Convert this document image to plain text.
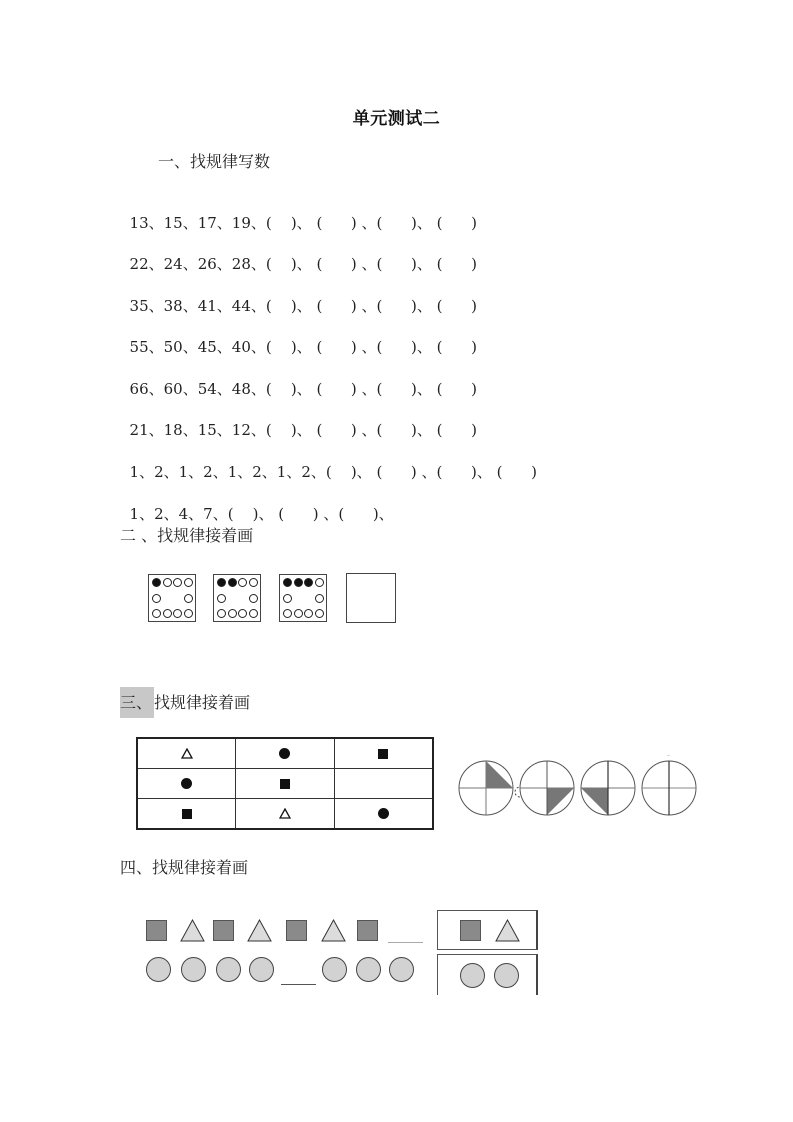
单元测试二
一、找规律写数

13、15、17、19、(    )、 (      ) 、(      )、 (      )

22、24、26、28、(    )、 (      ) 、(      )、 (      )

35、38、41、44、(    )、 (      ) 、(      )、 (      )

55、50、45、40、(    )、 (      ) 、(      )、 (      )

66、60、54、48、(    )、 (      ) 、(      )、 (      )

21、18、15、12、(    )、 (      ) 、(      )、 (      )

1、2、1、2、1、2、1、2、(    )、 (      ) 、(      )、 (      )

1、2、4、7、(    )、 (      ) 、(      )、

二 、找规律接着画
三、 找规律接着画

*
四、找规律接着画
